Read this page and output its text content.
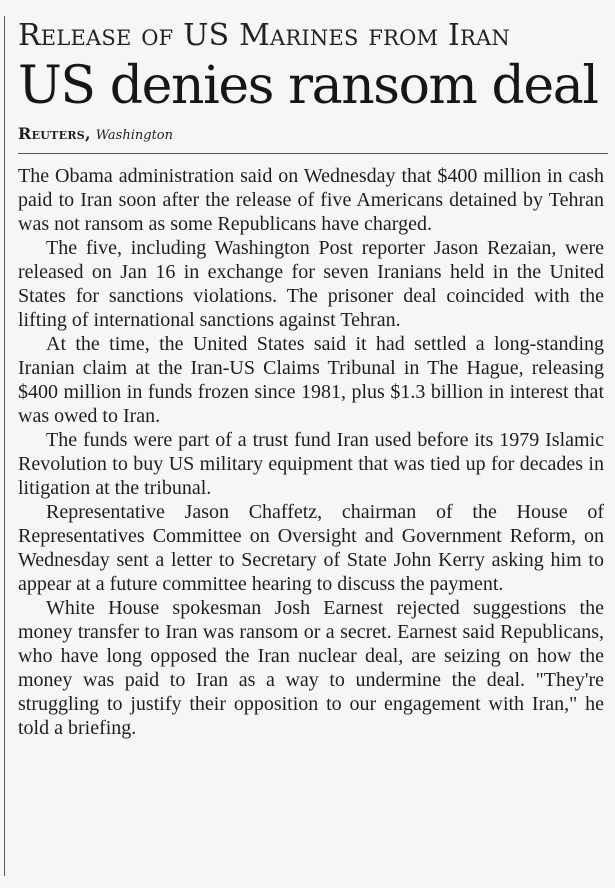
Release of US Marines from Iran
US denies ransom deal
Reuters, Washington

The Obama administration said on Wednesday that $400 million in cash paid to Iran soon after the release of five Americans detained by Tehran was not ransom as some Republicans have charged.

The five, including Washington Post reporter Jason Rezaian, were released on Jan 16 in exchange for seven Iranians held in the United States for sanctions violations. The prisoner deal coincided with the lifting of international sanctions against Tehran.

At the time, the United States said it had settled a long-standing Iranian claim at the Iran-US Claims Tribunal in The Hague, releasing $400 million in funds frozen since 1981, plus $1.3 billion in interest that was owed to Iran.

The funds were part of a trust fund Iran used before its 1979 Islamic Revolution to buy US military equipment that was tied up for decades in litigation at the tribunal.

Representative Jason Chaffetz, chairman of the House of Representatives Committee on Oversight and Government Reform, on Wednesday sent a letter to Secretary of State John Kerry asking him to appear at a future committee hearing to discuss the payment.

White House spokesman Josh Earnest rejected suggestions the money transfer to Iran was ransom or a secret. Earnest said Republicans, who have long opposed the Iran nuclear deal, are seizing on how the money was paid to Iran as a way to undermine the deal. "They're struggling to justify their opposition to our engagement with Iran," he told a briefing.
